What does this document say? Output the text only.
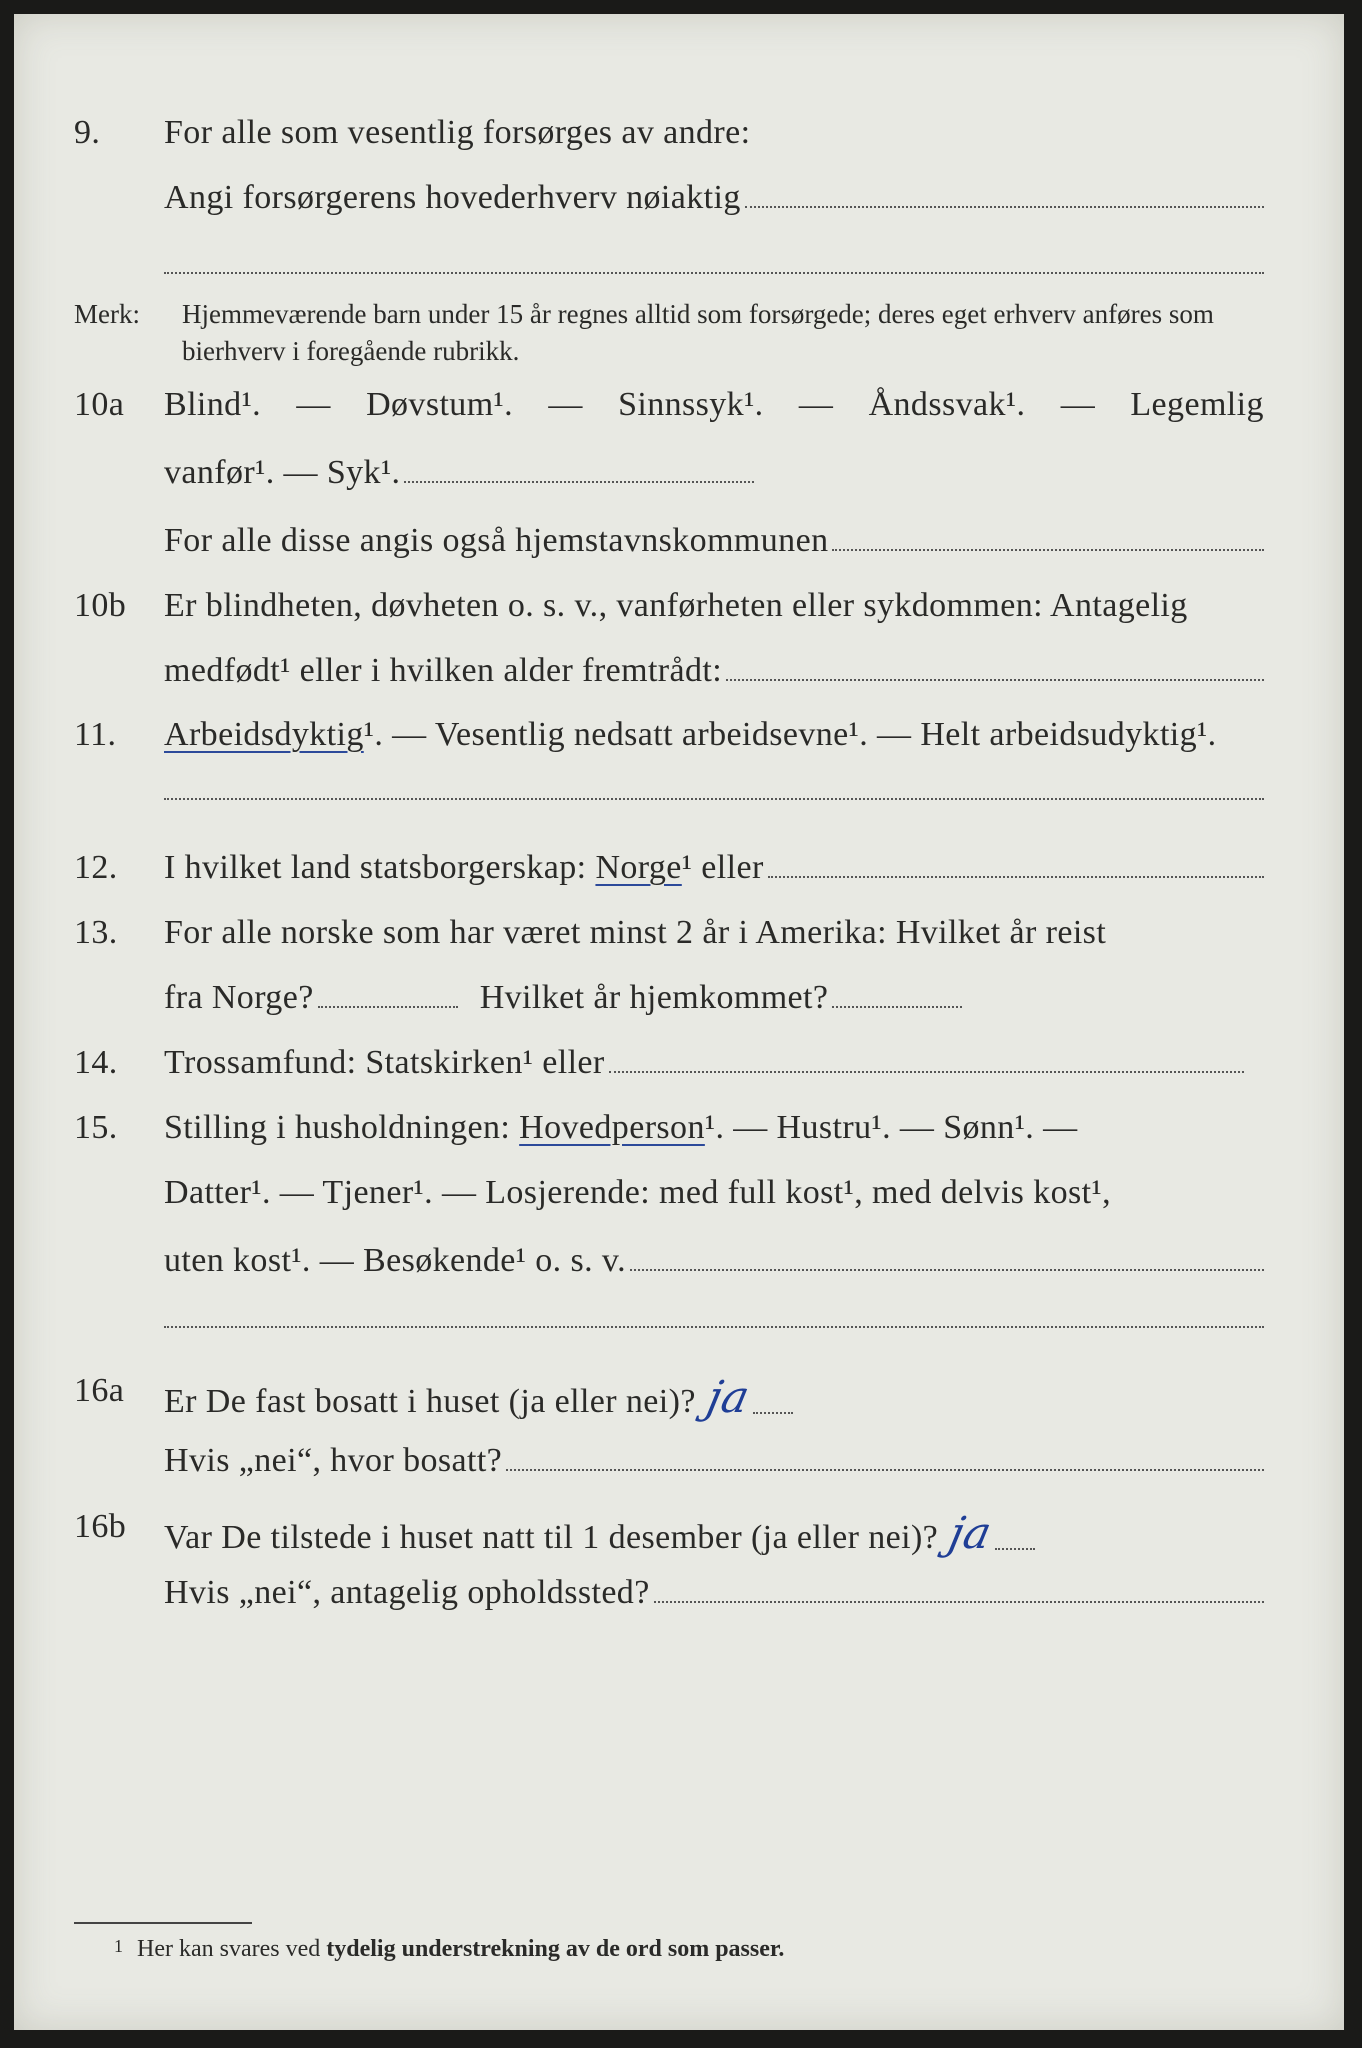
9.	For alle som vesentlig forsørges av andre:
Angi forsørgerens hovederhverv nøiaktig
Merk: Hjemmeværende barn under 15 år regnes alltid som forsørgede; deres eget erhverv anføres som bierhverv i foregående rubrikk.
10a	Blind¹. — Døvstum¹. — Sinnssyk¹. — Åndssvak¹. — Legemlig
vanfør¹. — Syk¹.
For alle disse angis også hjemstavnskommunen
10b	Er blindheten, døvheten o. s. v., vanførheten eller sykdommen: Antagelig
medfødt¹ eller i hvilken alder fremtrådt:
11.	Arbeidsdyktig¹. — Vesentlig nedsatt arbeidsevne¹. — Helt arbeidsudyktig¹.
12.	I hvilket land statsborgerskap:
Norge ¹ eller
13.	For alle norske som har været minst 2 år i Amerika: Hvilket år reist
fra Norge?	Hvilket år hjemkommet?
14.	Trossamfund: Statskirken¹ eller
15.	Stilling i husholdningen: Hovedperson¹. — Hustru¹. — Sønn¹. —
Datter¹. — Tjener¹. — Losjerende: med full kost¹, med delvis kost¹,
uten kost¹. — Besøkende¹ o. s. v.
16a	Er De fast bosatt i huset (ja eller nei)? ja
Hvis „nei“, hvor bosatt?
16b	Var De tilstede i huset natt til 1 desember (ja eller nei)? ja
Hvis „nei“, antagelig opholdssted?
$^1$ Her kan svares ved tydelig understrekning av de ord som passer.
